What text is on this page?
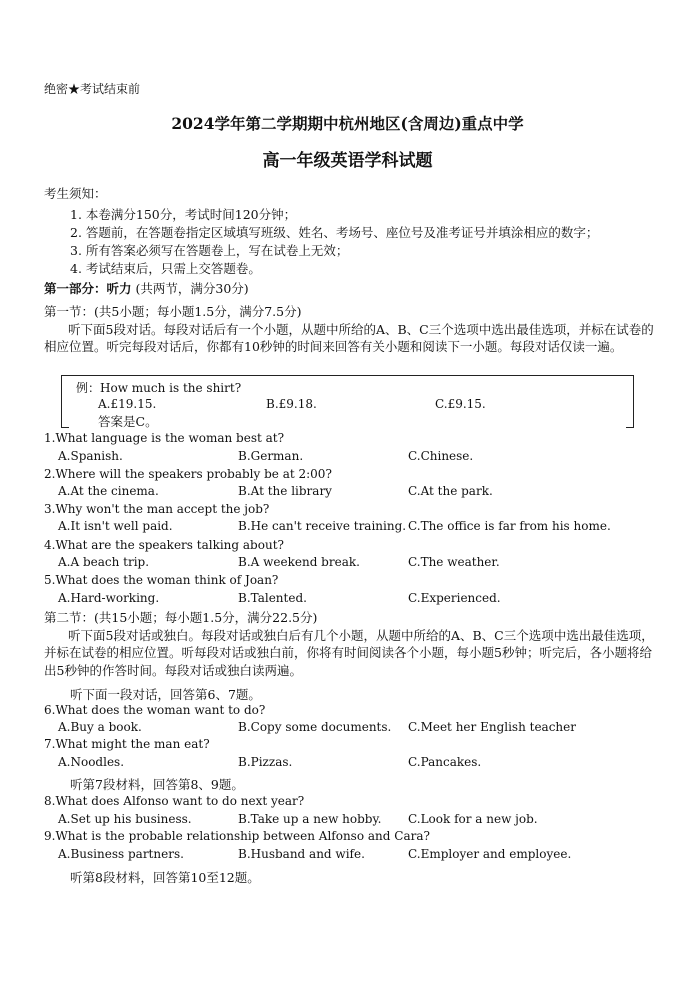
绝密★考试结束前
2024学年第二学期期中杭州地区(含周边)重点中学
高一年级英语学科试题
考生须知：
1. 本卷满分150分，考试时间120分钟；
2. 答题前，在答题卷指定区域填写班级、姓名、考场号、座位号及准考证号并填涂相应的数字；
3. 所有答案必须写在答题卷上，写在试卷上无效；
4. 考试结束后，只需上交答题卷。
第一部分：听力 (共两节，满分30分)
第一节：(共5小题；每小题1.5分，满分7.5分)
听下面5段对话。每段对话后有一个小题，从题中所给的A、B、C三个选项中选出最佳选项，并标在试卷的相应位置。听完每段对话后，你都有10秒钟的时间来回答有关小题和阅读下一小题。每段对话仅读一遍。
例：How much is the shirt?
A.£19.15.	B.£9.18.	C.£9.15.
答案是C。
1.What language is the woman best at?
A.Spanish.	B.German.	C.Chinese.
2.Where will the speakers probably be at 2:00?
A.At the cinema.	B.At the library	C.At the park.
3.Why won't the man accept the job?
A.It isn't well paid.	B.He can't receive training. C.The office is far from his home.
4.What are the speakers talking about?
A.A beach trip.	B.A weekend break.	C.The weather.
5.What does the woman think of Joan?
A.Hard-working.	B.Talented.	C.Experienced.
第二节：(共15小题；每小题1.5分，满分22.5分)
听下面5段对话或独白。每段对话或独白后有几个小题，从题中所给的A、B、C三个选项中选出最佳选项，并标在试卷的相应位置。听每段对话或独白前，你将有时间阅读各个小题，每小题5秒钟；听完后，各小题将给出5秒钟的作答时间。每段对话或独白读两遍。
听下面一段对话，回答第6、7题。
6.What does the woman want to do?
A.Buy a book.	B.Copy some documents. C.Meet her English teacher
7.What might the man eat?
A.Noodles.	B.Pizzas.	C.Pancakes.
听第7段材料，回答第8、9题。
8.What does Alfonso want to do next year?
A.Set up his business.	B.Take up a new hobby. C.Look for a new job.
9.What is the probable relationship between Alfonso and Cara?
A.Business partners.	B.Husband and wife.	C.Employer and employee.
听第8段材料，回答第10至12题。
